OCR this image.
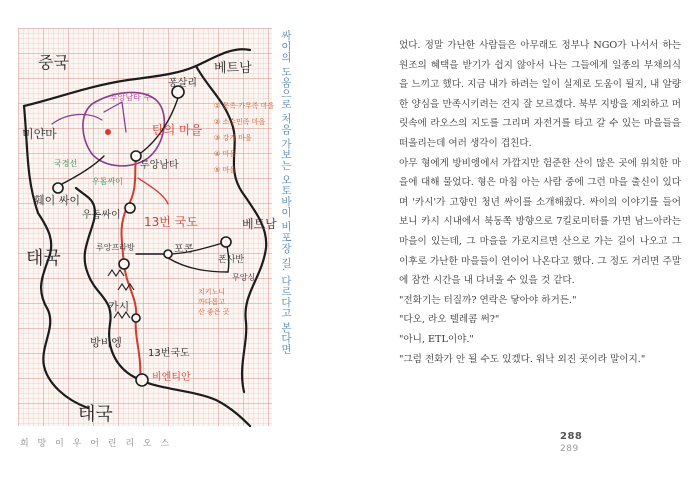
중국	베트남
미얀마
퐁살리
탄의 마을
루앙남타
훼이 싸이
우돔싸이 13번 국도
태국
베트남
루앙프라방	포콘
폰사반
방비엥
카시
13번국도
비엔티안
태국
무앙싱
국경선
우돔싸이
루앙남타 주
① 몽족·카무족 마을
② 소수민족 마을
③ 강가 마을
④ 마을
⑤ 마을
치키노니
까다롭고
산 좋은 곳	싸이의 도움으로 처음 가보는 오토바이 비포장 길. 다르다고 본다면
희 망 이 우 어 린 리 오 스

었다. 정말 가난한 사람들은 아무래도 정부나 NGO가 나서서 하는 원조의 혜택을 받기가 쉽지 않아서 나는 그들에게 일종의 부채의식을 느끼고 했다. 지금 내가 하려는 일이 실제로 도움이 될지, 내 알량한 양심을 만족시키려는 건지 잘 모르겠다. 북부 지방을 제외하고 머릿속에 라오스의 지도를 그리며 자전거를 타고 갈 수 있는 마을들을 떠올리는데 여러 생각이 겹친다.

아무 형에게 방비엥에서 가깝지만 험준한 산이 많은 곳에 위치한 마을에 대해 물었다. 형은 마침 아는 사람 중에 그런 마을 출신이 있다며 '카시'가 고향인 청년 싸이를 소개해줬다. 싸이의 이야기를 들어보니 카시 시내에서 북동쪽 방향으로 7킬로미터를 가면 남느아라는 마을이 있는데, 그 마을을 가로지르면 산으로 가는 길이 나오고 그 이후로 가난한 마을들이 연이어 나온다고 했다. 그 정도 거리면 주말에 잠깐 시간을 내 다녀올 수 있을 것 같다.

"전화기는 터질까? 연락은 닿아야 하거든."

"다오, 라오 텔레콤 써?"

"아니, ETL이야."

"그럼 전화가 안 될 수도 있겠다. 워낙 외진 곳이라 말이지."

288
289
